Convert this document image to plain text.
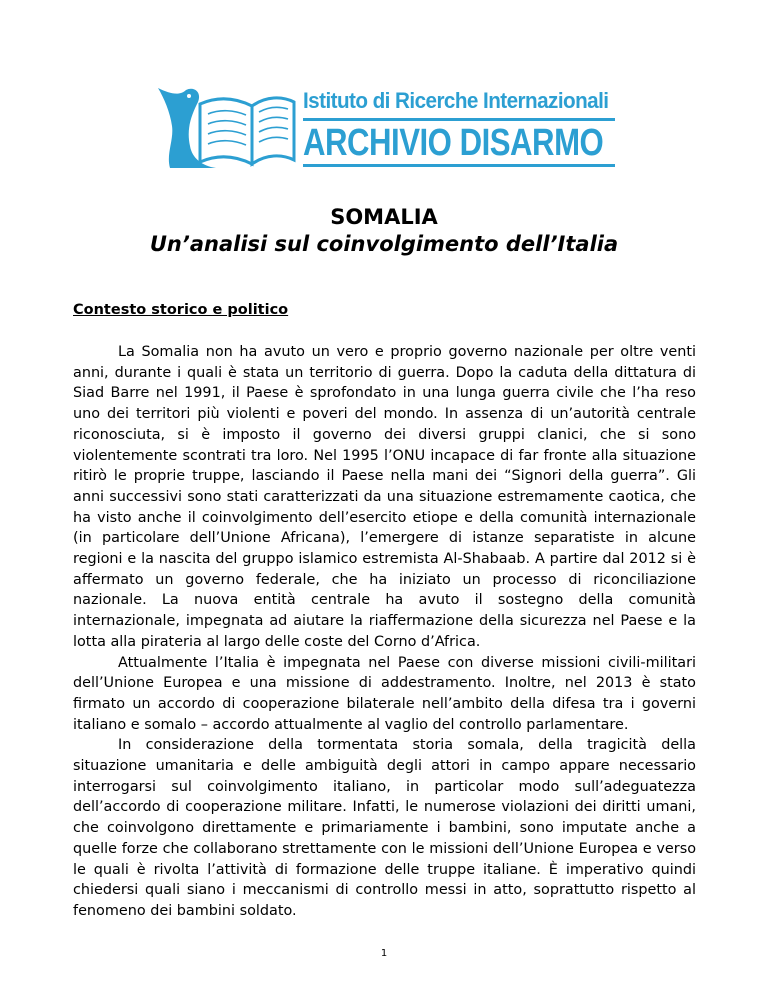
Istituto di Ricerche Internazionali
ARCHIVIO DISARMO
SOMALIA
Un’analisi sul coinvolgimento dell’Italia
Contesto storico e politico

La Somalia non ha avuto un vero e proprio governo nazionale per oltre venti anni, durante i quali è stata un territorio di guerra. Dopo la caduta della dittatura di Siad Barre nel 1991, il Paese è sprofondato in una lunga guerra civile che l’ha reso uno dei territori più violenti e poveri del mondo. In assenza di un’autorità centrale riconosciuta, si è imposto il governo dei diversi gruppi clanici, che si sono violentemente scontrati tra loro. Nel 1995 l’ONU incapace di far fronte alla situazione ritirò le proprie truppe, lasciando il Paese nella mani dei “Signori della guerra”. Gli anni successivi sono stati caratterizzati da una situazione estremamente caotica, che ha visto anche il coinvolgimento dell’esercito etiope e della comunità internazionale (in particolare dell’Unione Africana), l’emergere di istanze separatiste in alcune regioni e la nascita del gruppo islamico estremista Al-Shabaab. A partire dal 2012 si è affermato un governo federale, che ha iniziato un processo di riconciliazione nazionale. La nuova entità centrale ha avuto il sostegno della comunità internazionale, impegnata ad aiutare la riaffermazione della sicurezza nel Paese e la lotta alla pirateria al largo delle coste del Corno d’Africa.

Attualmente l’Italia è impegnata nel Paese con diverse missioni civili-militari dell’Unione Europea e una missione di addestramento. Inoltre, nel 2013 è stato firmato un accordo di cooperazione bilaterale nell’ambito della difesa tra i governi italiano e somalo – accordo attualmente al vaglio del controllo parlamentare.

In considerazione della tormentata storia somala, della tragicità della situazione umanitaria e delle ambiguità degli attori in campo appare necessario interrogarsi sul coinvolgimento italiano, in particolar modo sull’adeguatezza dell’accordo di cooperazione militare. Infatti, le numerose violazioni dei diritti umani, che coinvolgono direttamente e primariamente i bambini, sono imputate anche a quelle forze che collaborano strettamente con le missioni dell’Unione Europea e verso le quali è rivolta l’attività di formazione delle truppe italiane. È imperativo quindi chiedersi quali siano i meccanismi di controllo messi in atto, soprattutto rispetto al fenomeno dei bambini soldato.

1
